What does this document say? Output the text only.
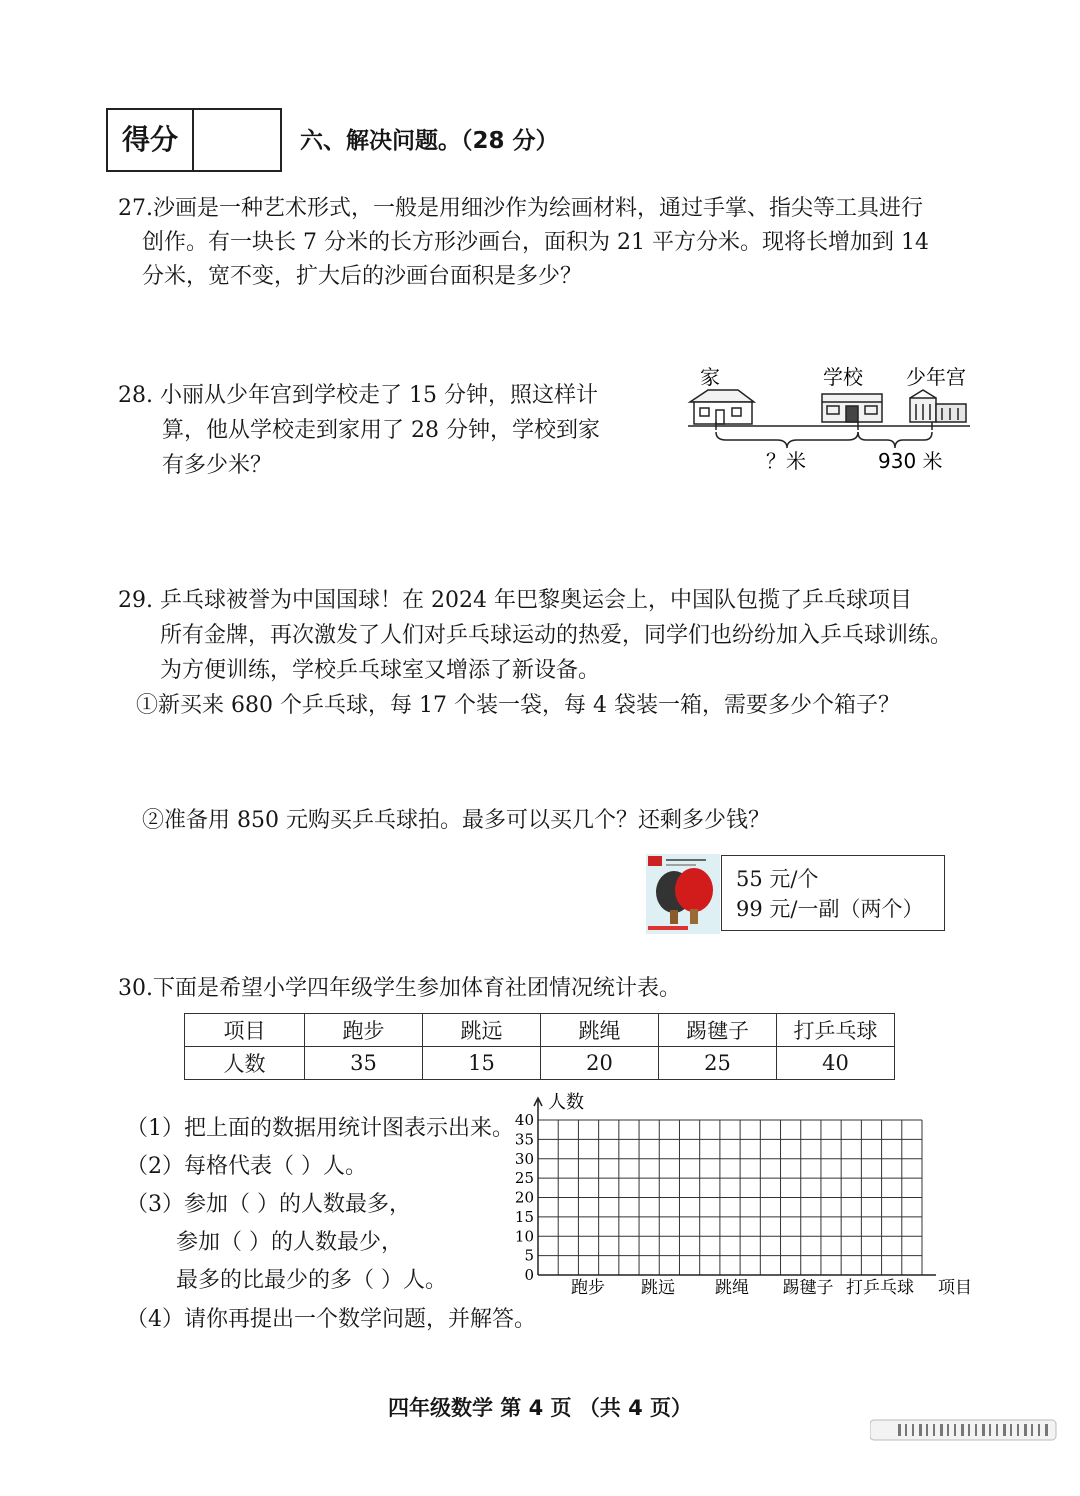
得分	六、解决问题。（28 分）
27.沙画是一种艺术形式，一般是用细沙作为绘画材料，通过手掌、指尖等工具进行
创作。有一块长 7 分米的长方形沙画台，面积为 21 平方分米。现将长增加到 14
分米，宽不变，扩大后的沙画台面积是多少？
28. 小丽从少年宫到学校走了 15 分钟，照这样计
算，他从学校走到家用了 28 分钟，学校到家
有多少米？
家	学校 少年宫
？米	930 米
29. 乒乓球被誉为中国国球！在 2024 年巴黎奥运会上，中国队包揽了乒乓球项目
所有金牌，再次激发了人们对乒乓球运动的热爱，同学们也纷纷加入乒乓球训练。
为方便训练，学校乒乓球室又增添了新设备。
①新买来 680 个乒乓球，每 17 个装一袋，每 4 袋装一箱，需要多少个箱子？
②准备用 850 元购买乒乓球拍。最多可以买几个？还剩多少钱？
55 元/个
99 元/一副（两个）
30.下面是希望小学四年级学生参加体育社团情况统计表。
项目	跑步	跳远	跳绳	踢毽子	打乒乓球
人数	35	15	20	25	40
（1）把上面的数据用统计图表示出来。
（2）每格代表（ ）人。
（3）参加（ ）的人数最多，
参加（ ）的人数最少，
最多的比最少的多（ ）人。
（4）请你再提出一个数学问题，并解答。
0
5
10
15
20
25
30
35
40
跑步 跳远 跳绳 踢毽子 打乒乓球
人数
项目
四年级数学 第 4 页 （共 4 页）
